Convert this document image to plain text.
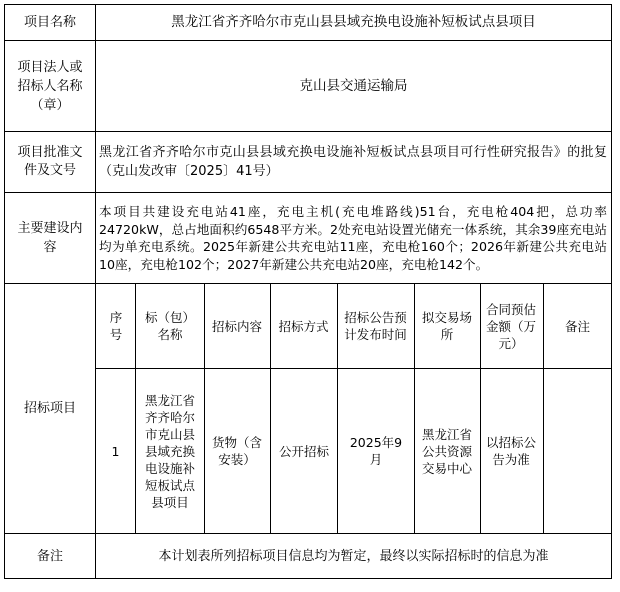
项目名称	黑龙江省齐齐哈尔市克山县县域充换电设施补短板试点县项目
项目法人或招标人名称（章）
克山县交通运输局
项目批准文件及文号
黑龙江省齐齐哈尔市克山县县域充换电设施补短板试点县项目可行性研究报告》的批复（克山发改审〔2025〕41号）
主要建设内容
本项目共建设充电站41座，充电主机(充电堆路线)51台，充电枪404把，总功率24720kW，总占地面积约6548平方米。2处充电站设置光储充一体系统，其余39座充电站均为单充电系统。2025年新建公共充电站11座，充电枪160个；2026年新建公共充电站10座，充电枪102个；2027年新建公共充电站20座，充电枪142个。
招标项目
序号
标（包）名称
招标内容 招标方式
招标公告预计发布时间
拟交易场所
合同预估金额（万元）
备注
1
黑龙江省齐齐哈尔市克山县县域充换电设施补短板试点县项目
货物（含安装）
公开招标
2025年9月
黑龙江省公共资源交易中心
以招标公告为准
备注	本计划表所列招标项目信息均为暂定，最终以实际招标时的信息为准
